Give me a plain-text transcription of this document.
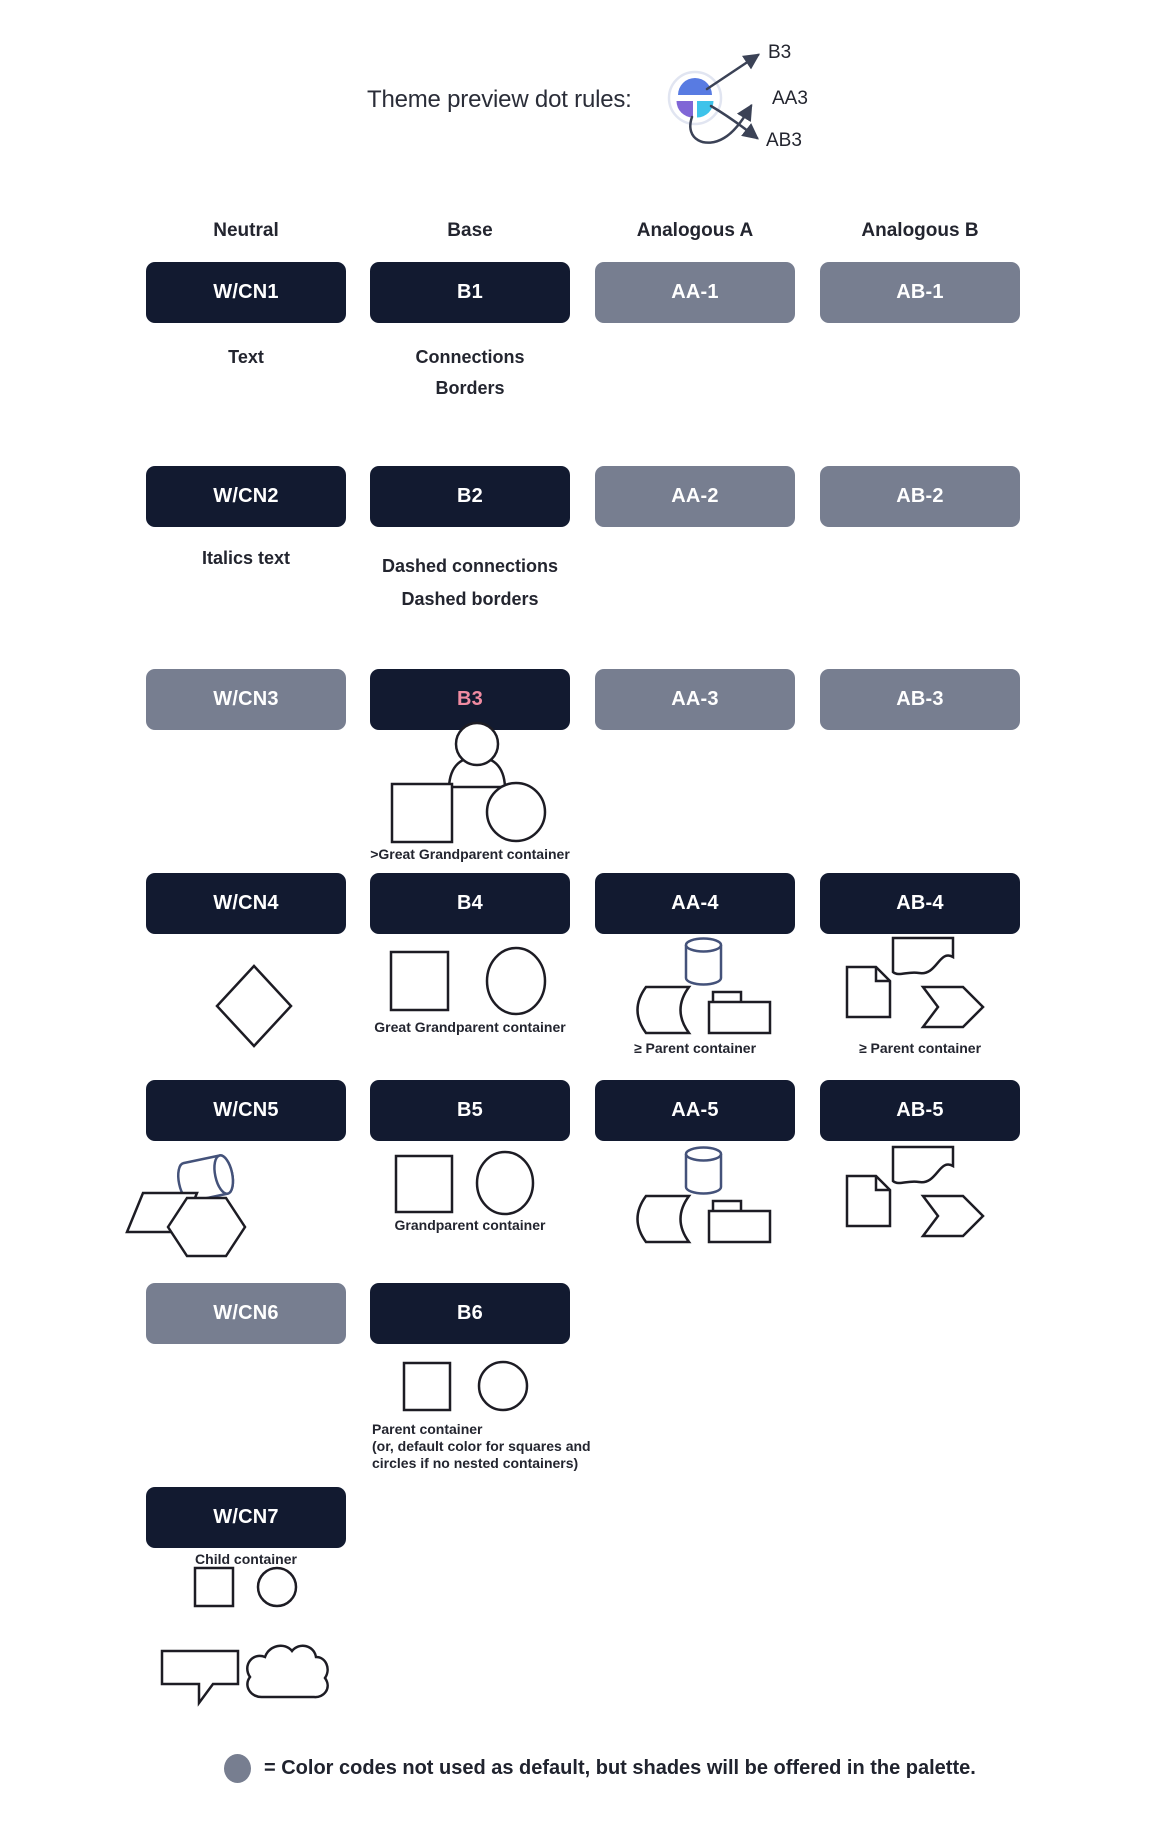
Theme preview dot rules:
B3
AA3
AB3
Neutral	Base	Analogous A	Analogous B
W/CN1	B1	AA-1	AB-1
Text	Connections
Borders
W/CN2	B2	AA-2	AB-2
Italics text	Dashed connections
Dashed borders
W/CN3	B3	AA-3	AB-3
>Great Grandparent container
W/CN4	B4	AA-4	AB-4
Great Grandparent container
≥ Parent container	≥ Parent container
W/CN5	B5	AA-5	AB-5
Grandparent container
W/CN6	B6
Parent container
(or, default color for squares and circles if no nested containers)
W/CN7
Child container
= Color codes not used as default, but shades will be offered in the palette.
